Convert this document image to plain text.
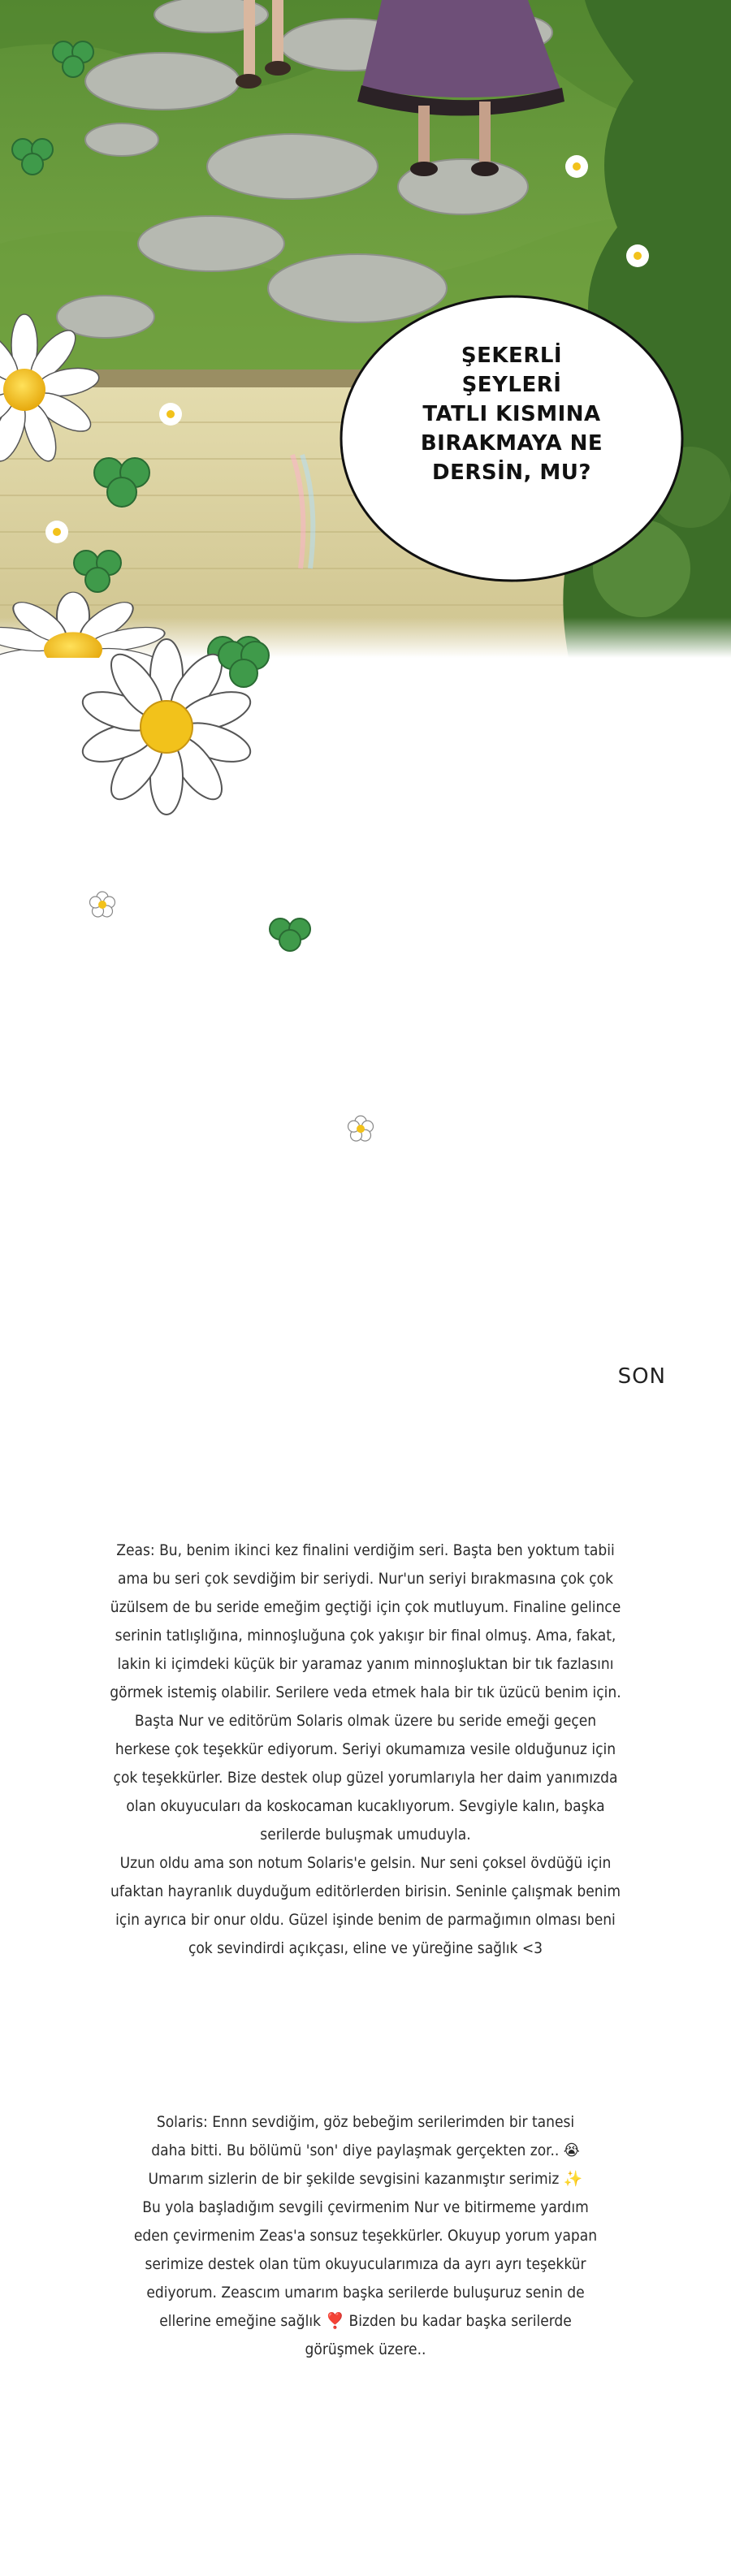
ŞEKERLİ
ŞEYLERİ
TATLI KISMINA
BIRAKMAYA NE
DERSİN, MU?
SON
Zeas: Bu, benim ikinci kez finalini verdiğim seri. Başta ben yoktum tabii
ama bu seri çok sevdiğim bir seriydi. Nur'un seriyi bırakmasına çok çok
üzülsem de bu seride emeğim geçtiği için çok mutluyum. Finaline gelince
serinin tatlışlığına, minnoşluğuna çok yakışır bir final olmuş. Ama, fakat,
lakin ki içimdeki küçük bir yaramaz yanım minnoşluktan bir tık fazlasını
görmek istemiş olabilir. Serilere veda etmek hala bir tık üzücü benim için.
Başta Nur ve editörüm Solaris olmak üzere bu seride emeği geçen
herkese çok teşekkür ediyorum. Seriyi okumamıza vesile olduğunuz için
çok teşekkürler. Bize destek olup güzel yorumlarıyla her daim yanımızda
olan okuyucuları da koskocaman kucaklıyorum. Sevgiyle kalın, başka
serilerde buluşmak umuduyla.
Uzun oldu ama son notum Solaris'e gelsin. Nur seni çoksel övdüğü için
ufaktan hayranlık duyduğum editörlerden birisin. Seninle çalışmak benim
için ayrıca bir onur oldu. Güzel işinde benim de parmağımın olması beni
çok sevindirdi açıkçası, eline ve yüreğine sağlık <3
Solaris: Ennn sevdiğim, göz bebeğim serilerimden bir tanesi
daha bitti. Bu bölümü 'son' diye paylaşmak gerçekten zor.. 😭
Umarım sizlerin de bir şekilde sevgisini kazanmıştır serimiz ✨
Bu yola başladığım sevgili çevirmenim Nur ve bitirmeme yardım
eden çevirmenim Zeas'a sonsuz teşekkürler. Okuyup yorum yapan
serimize destek olan tüm okuyucularımıza da ayrı ayrı teşekkür
ediyorum. Zeascım umarım başka serilerde buluşuruz senin de
ellerine emeğine sağlık ❣️ Bizden bu kadar başka serilerde
görüşmek üzere..
